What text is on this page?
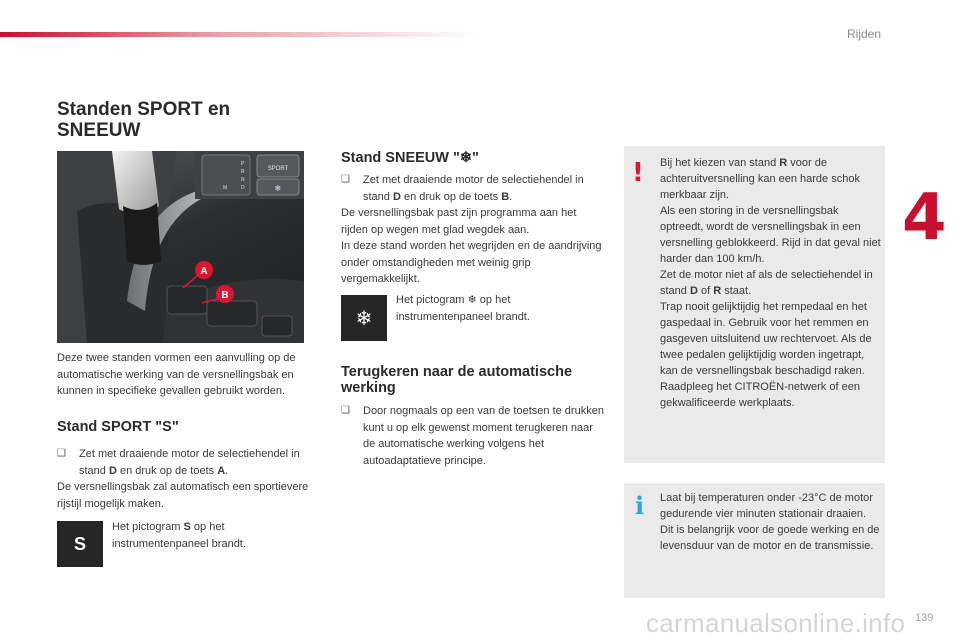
Rijden
4
Standen SPORT en SNEEUW
SPORT
❄
P
R
N
D
M
A
B
Deze twee standen vormen een aanvulling op de automatische werking van de versnellingsbak en kunnen in specifieke gevallen gebruikt worden.
Stand SPORT "S"
❑	Zet met draaiende motor de selectiehendel in stand D en druk op de toets A.
De versnellingsbak zal automatisch een sportievere rijstijl mogelijk maken.
S
Het pictogram S op het instrumentenpaneel brandt.
Stand SNEEUW "❄"
❑	Zet met draaiende motor de selectiehendel in stand D en druk op de toets B.
De versnellingsbak past zijn programma aan het rijden op wegen met glad wegdek aan.
In deze stand worden het wegrijden en de aandrijving onder omstandigheden met weinig grip vergemakkelijkt.
❄
Het pictogram ❄ op het instrumentenpaneel brandt.
Terugkeren naar de automatische werking
❑	Door nogmaals op een van de toetsen te drukken kunt u op elk gewenst moment terugkeren naar de automatische werking volgens het autoadaptatieve principe.
! Bij het kiezen van stand R voor de achteruitversnelling kan een harde schok merkbaar zijn.
Als een storing in de versnellingsbak optreedt, wordt de versnellingsbak in een versnelling geblokkeerd. Rijd in dat geval niet harder dan 100 km/h.
Zet de motor niet af als de selectiehendel in stand D of R staat.
Trap nooit gelijktijdig het rempedaal en het gaspedaal in. Gebruik voor het remmen en gasgeven uitsluitend uw rechtervoet. Als de twee pedalen gelijktijdig worden ingetrapt, kan de versnellingsbak beschadigd raken.
Raadpleeg het CITROËN-netwerk of een gekwalificeerde werkplaats.
i Laat bij temperaturen onder -23°C de motor gedurende vier minuten stationair draaien. Dit is belangrijk voor de goede werking en de levensduur van de motor en de transmissie.
carmanualsonline.info 139
